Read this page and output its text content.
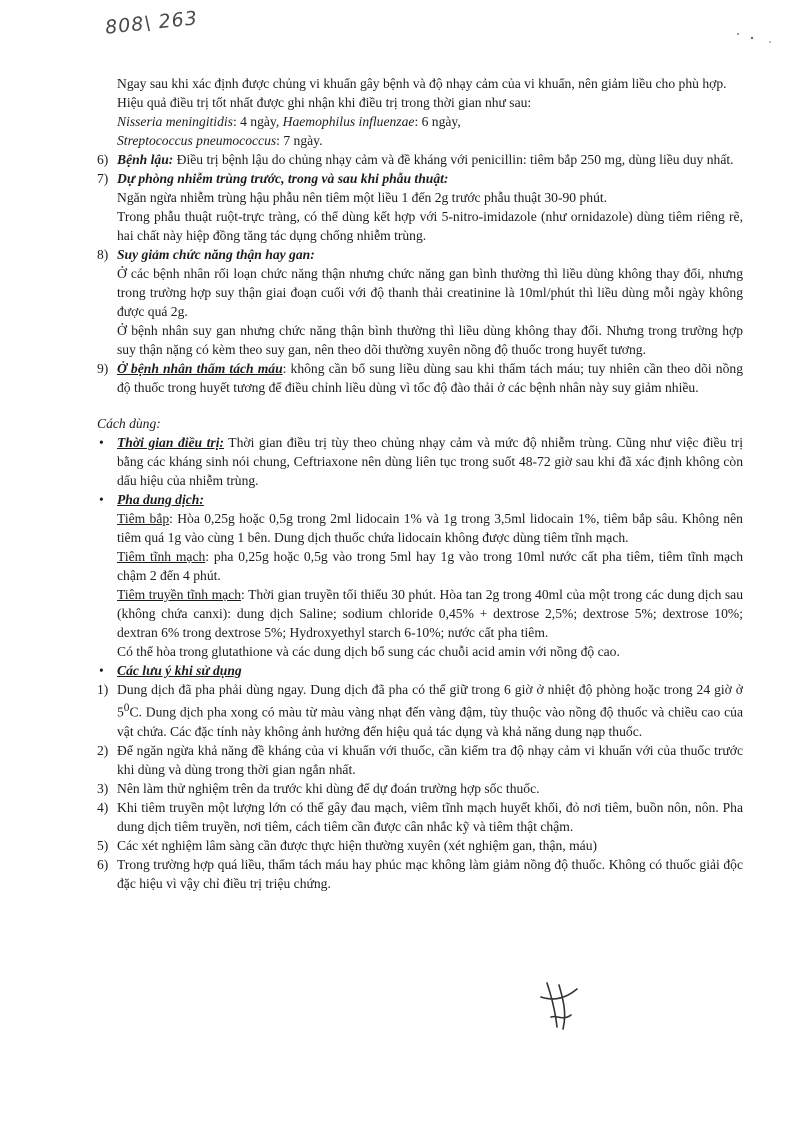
808\ 263

Ngay sau khi xác định được chủng vi khuẩn gây bệnh và độ nhạy cảm của vi khuẩn, nên giảm liều cho phù hợp.

Hiệu quả điều trị tốt nhất được ghi nhận khi điều trị trong thời gian như sau:

Nisseria meningitidis: 4 ngày, Haemophilus influenzae: 6 ngày,

Streptococcus pneumococcus: 7 ngày.

6) Bệnh lậu: Điều trị bệnh lậu do chủng nhạy cảm và đề kháng với penicillin: tiêm bắp 250 mg, dùng liều duy nhất.
7) Dự phòng nhiễm trùng trước, trong và sau khi phẫu thuật:

Ngăn ngừa nhiễm trùng hậu phẫu nên tiêm một liều 1 đến 2g trước phẫu thuật 30-90 phút.

Trong phẫu thuật ruột-trực tràng, có thể dùng kết hợp với 5-nitro-imidazole (như ornidazole) dùng tiêm riêng rẽ, hai chất này hiệp đồng tăng tác dụng chống nhiễm trùng.

8) Suy giảm chức năng thận hay gan:

Ở các bệnh nhân rối loạn chức năng thận nhưng chức năng gan bình thường thì liều dùng không thay đổi, nhưng trong trường hợp suy thận giai đoạn cuối với độ thanh thải creatinine là 10ml/phút thì liều dùng mỗi ngày không được quá 2g.

Ở bệnh nhân suy gan nhưng chức năng thận bình thường thì liều dùng không thay đổi. Nhưng trong trường hợp suy thận nặng có kèm theo suy gan, nên theo dõi thường xuyên nồng độ thuốc trong huyết tương.

9) Ở bệnh nhân thẩm tách máu: không cần bổ sung liều dùng sau khi thẩm tách máu; tuy nhiên cần theo dõi nồng độ thuốc trong huyết tương để điều chỉnh liều dùng vì tốc độ đào thải ở các bệnh nhân này suy giảm nhiều.
Cách dùng:
• Thời gian điều trị: Thời gian điều trị tùy theo chủng nhạy cảm và mức độ nhiễm trùng. Cũng như việc điều trị bằng các kháng sinh nói chung, Ceftriaxone nên dùng liên tục trong suốt 48-72 giờ sau khi đã xác định không còn dấu hiệu của nhiễm trùng.
• Pha dung dịch:

Tiêm bắp: Hòa 0,25g hoặc 0,5g trong 2ml lidocain 1% và 1g trong 3,5ml lidocain 1%, tiêm bắp sâu. Không nên tiêm quá 1g vào cùng 1 bên. Dung dịch thuốc chứa lidocain không được dùng tiêm tĩnh mạch.

Tiêm tĩnh mạch: pha 0,25g hoặc 0,5g vào trong 5ml hay 1g vào trong 10ml nước cất pha tiêm, tiêm tĩnh mạch chậm 2 đến 4 phút.

Tiêm truyền tĩnh mạch: Thời gian truyền tối thiểu 30 phút. Hòa tan 2g trong 40ml của một trong các dung dịch sau (không chứa canxi): dung dịch Saline; sodium chloride 0,45% + dextrose 2,5%; dextrose 5%; dextrose 10%; dextran 6% trong dextrose 5%; Hydroxyethyl starch 6-10%; nước cất pha tiêm.

Có thể hòa trong glutathione và các dung dịch bổ sung các chuỗi acid amin với nồng độ cao.

• Các lưu ý khi sử dụng
1) Dung dịch đã pha phải dùng ngay. Dung dịch đã pha có thể giữ trong 6 giờ ở nhiệt độ phòng hoặc trong 24 giờ ở $5^0C$. Dung dịch pha xong có màu từ màu vàng nhạt đến vàng đậm, tùy thuộc vào nồng độ thuốc và chiều cao của vật chứa. Các đặc tính này không ảnh hưởng đến hiệu quả tác dụng và khả năng dung nạp thuốc.
2) Để ngăn ngừa khả năng đề kháng của vi khuẩn với thuốc, cần kiểm tra độ nhạy cảm vi khuẩn với của thuốc trước khi dùng và dùng trong thời gian ngắn nhất.
3) Nên làm thử nghiệm trên da trước khi dùng để dự đoán trường hợp sốc thuốc.
4) Khi tiêm truyền một lượng lớn có thể gây đau mạch, viêm tĩnh mạch huyết khối, đỏ nơi tiêm, buồn nôn, nôn. Pha dung dịch tiêm truyền, nơi tiêm, cách tiêm cần được cân nhắc kỹ và tiêm thật chậm.
5) Các xét nghiệm lâm sàng cần được thực hiện thường xuyên (xét nghiệm gan, thận, máu)
6) Trong trường hợp quá liều, thẩm tách máu hay phúc mạc không làm giảm nồng độ thuốc. Không có thuốc giải độc đặc hiệu vì vậy chỉ điều trị triệu chứng.
